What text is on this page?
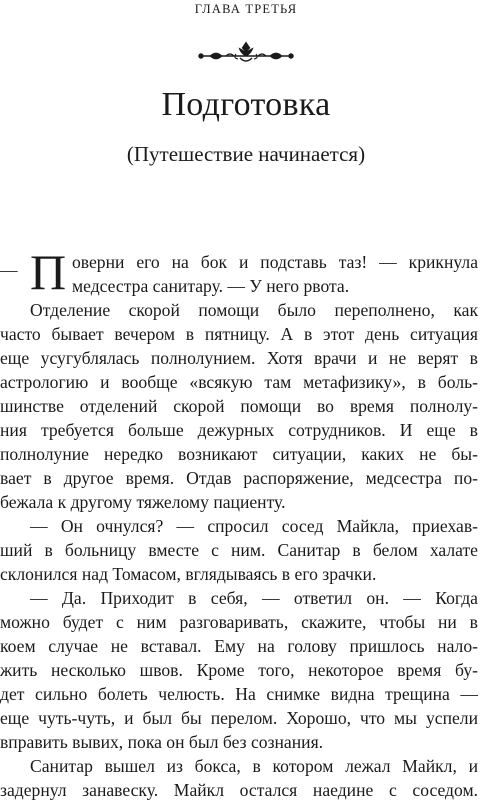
ГЛАВА ТРЕТЬЯ
Подготовка
(Путешествие начинается)
— П оверни его на бок и подставь таз! — крикнула
медсестра санитару. — У него рвота.
Отделение скорой помощи было переполнено, как
часто бывает вечером в пятницу. А в этот день ситуация
еще усугублялась полнолунием. Хотя врачи и не верят в
астрологию и вообще «всякую там метафизику», в боль-
шинстве отделений скорой помощи во время полнолу-
ния требуется больше дежурных сотрудников. И еще в
полнолуние нередко возникают ситуации, каких не бы-
вает в другое время. Отдав распоряжение, медсестра по-
бежала к другому тяжелому пациенту.
— Он очнулся? — спросил сосед Майкла, приехав-
ший в больницу вместе с ним. Санитар в белом халате
склонился над Томасом, вглядываясь в его зрачки.
— Да. Приходит в себя, — ответил он. — Когда
можно будет с ним разговаривать, скажите, чтобы ни в
коем случае не вставал. Ему на голову пришлось нало-
жить несколько швов. Кроме того, некоторое время бу-
дет сильно болеть челюсть. На снимке видна трещина —
еще чуть-чуть, и был бы перелом. Хорошо, что мы успели
вправить вывих, пока он был без сознания.
Санитар вышел из бокса, в котором лежал Майкл, и
задернул занавеску. Майкл остался наедине с соседом.
